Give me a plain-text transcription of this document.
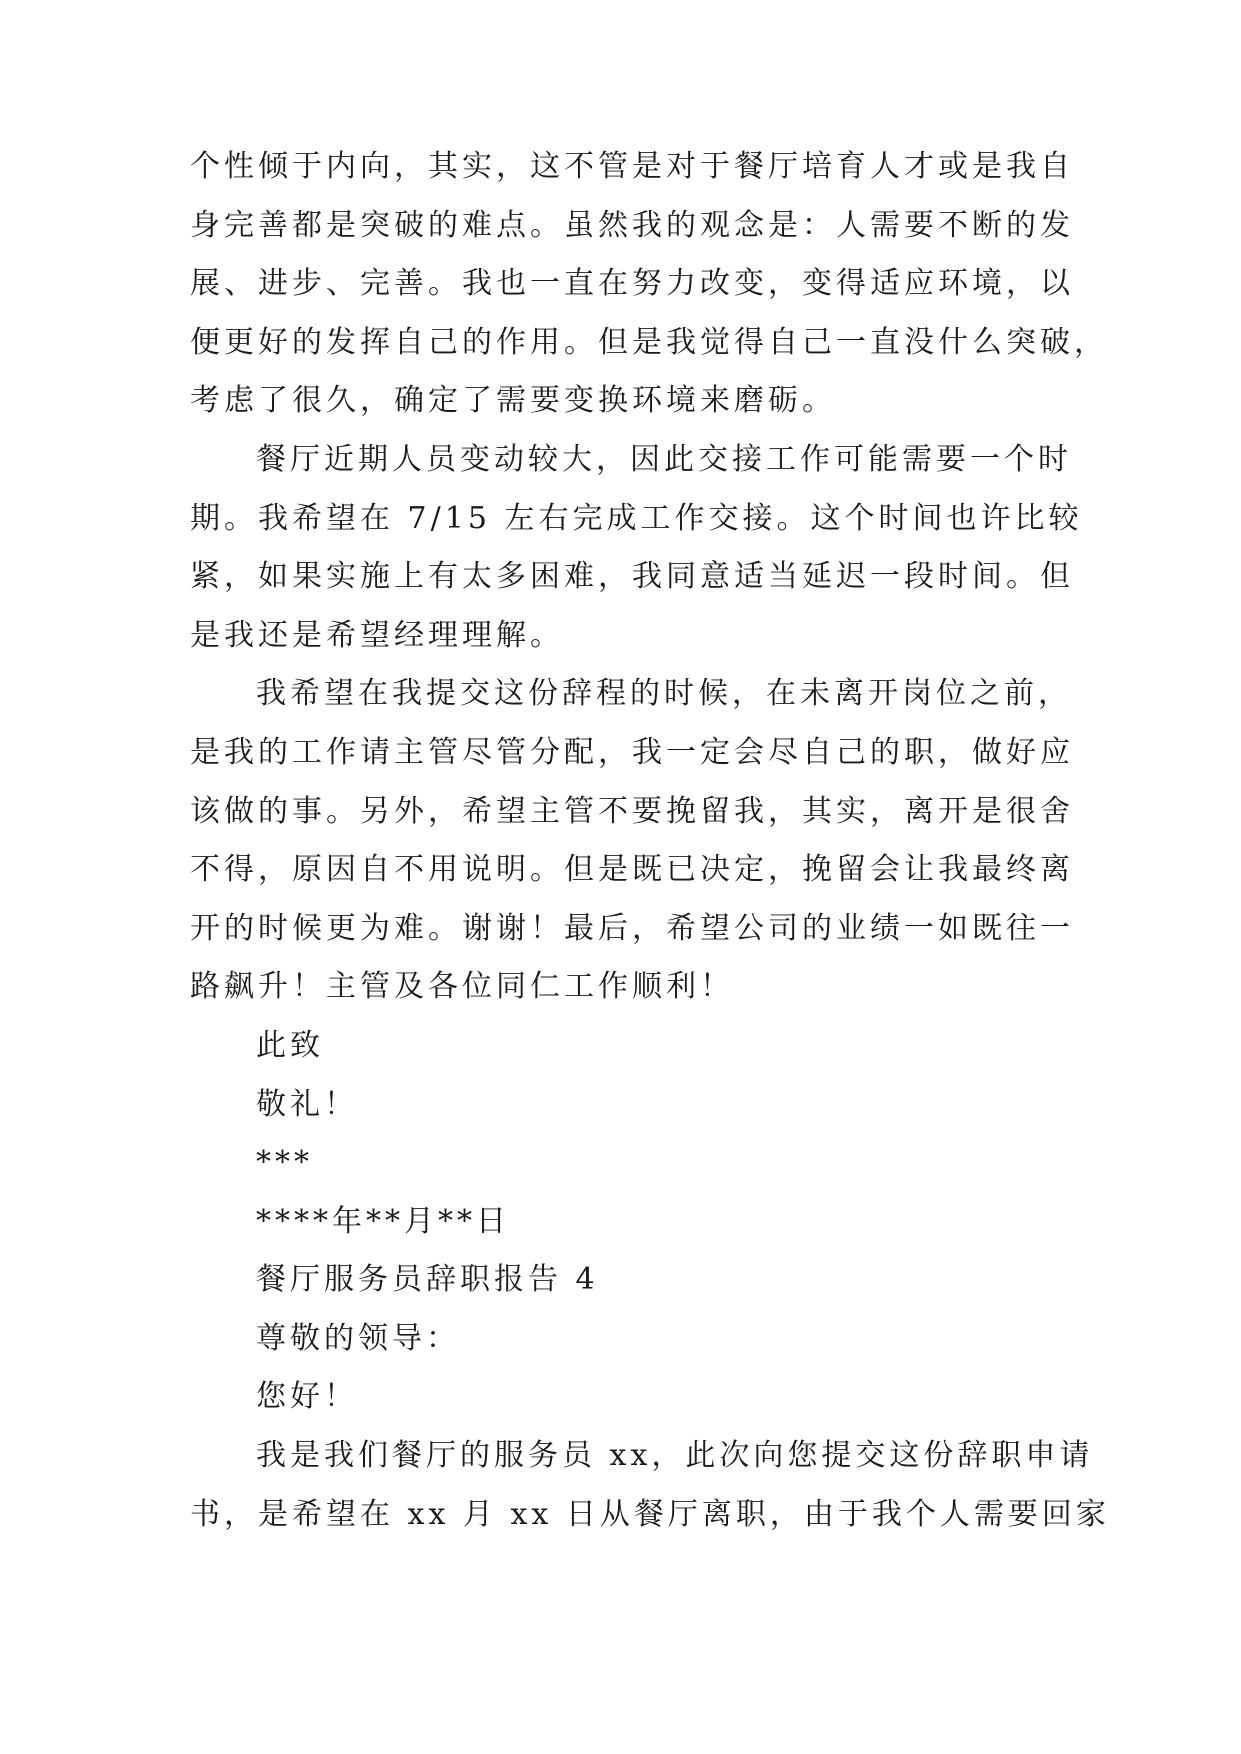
个性倾于内向，其实，这不管是对于餐厅培育人才或是我自
身完善都是突破的难点。虽然我的观念是：人需要不断的发
展、进步、完善。我也一直在努力改变，变得适应环境，以
便更好的发挥自己的作用。但是我觉得自己一直没什么突破，
考虑了很久，确定了需要变换环境来磨砺。
餐厅近期人员变动较大，因此交接工作可能需要一个时
期。我希望在 7/15 左右完成工作交接。这个时间也许比较
紧，如果实施上有太多困难，我同意适当延迟一段时间。但
是我还是希望经理理解。
我希望在我提交这份辞程的时候，在未离开岗位之前，
是我的工作请主管尽管分配，我一定会尽自己的职，做好应
该做的事。另外，希望主管不要挽留我，其实，离开是很舍
不得，原因自不用说明。但是既已决定，挽留会让我最终离
开的时候更为难。谢谢！最后，希望公司的业绩一如既往一
路飙升！主管及各位同仁工作顺利！
此致
敬礼！
***
****年**月**日
餐厅服务员辞职报告 4
尊敬的领导：
您好！
我是我们餐厅的服务员 xx，此次向您提交这份辞职申请
书，是希望在 xx 月 xx 日从餐厅离职，由于我个人需要回家
